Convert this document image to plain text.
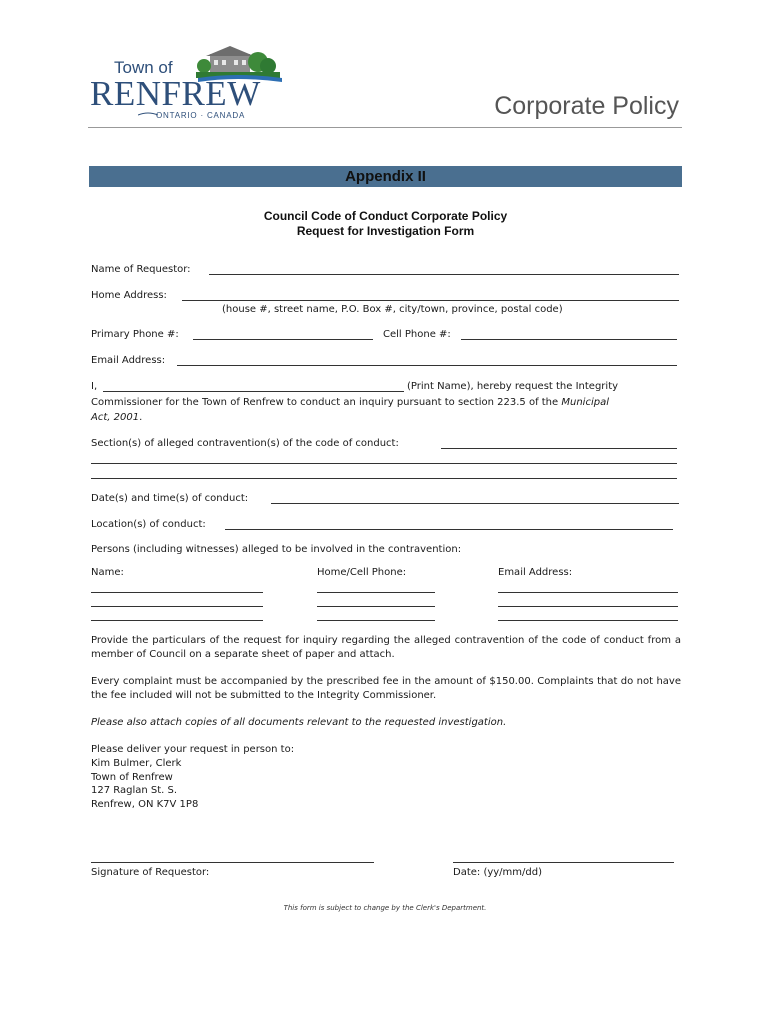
Town of
RENFREW
ONTARIO · CANADA	Corporate Policy
Appendix II
Council Code of Conduct Corporate Policy
Request for Investigation Form
Name of Requestor:
Home Address:
(house #, street name, P.O. Box #, city/town, province, postal code)
Primary Phone #:	Cell Phone #:
Email Address:
I,	(Print Name), hereby request the Integrity
Commissioner for the Town of Renfrew to conduct an inquiry pursuant to section 223.5 of the Municipal
Act, 2001.
Section(s) of alleged contravention(s) of the code of conduct:
Date(s) and time(s) of conduct:
Location(s) of conduct:
Persons (including witnesses) alleged to be involved in the contravention:
Name:	Home/Cell Phone:	Email Address:
Provide the particulars of the request for inquiry regarding the alleged contravention of the code of conduct from a member of Council on a separate sheet of paper and attach.
Every complaint must be accompanied by the prescribed fee in the amount of $150.00. Complaints that do not have the fee included will not be submitted to the Integrity Commissioner.
Please also attach copies of all documents relevant to the requested investigation.
Please deliver your request in person to:
Kim Bulmer, Clerk
Town of Renfrew
127 Raglan St. S.
Renfrew, ON K7V 1P8
Signature of Requestor:	Date: (yy/mm/dd)
This form is subject to change by the Clerk's Department.
